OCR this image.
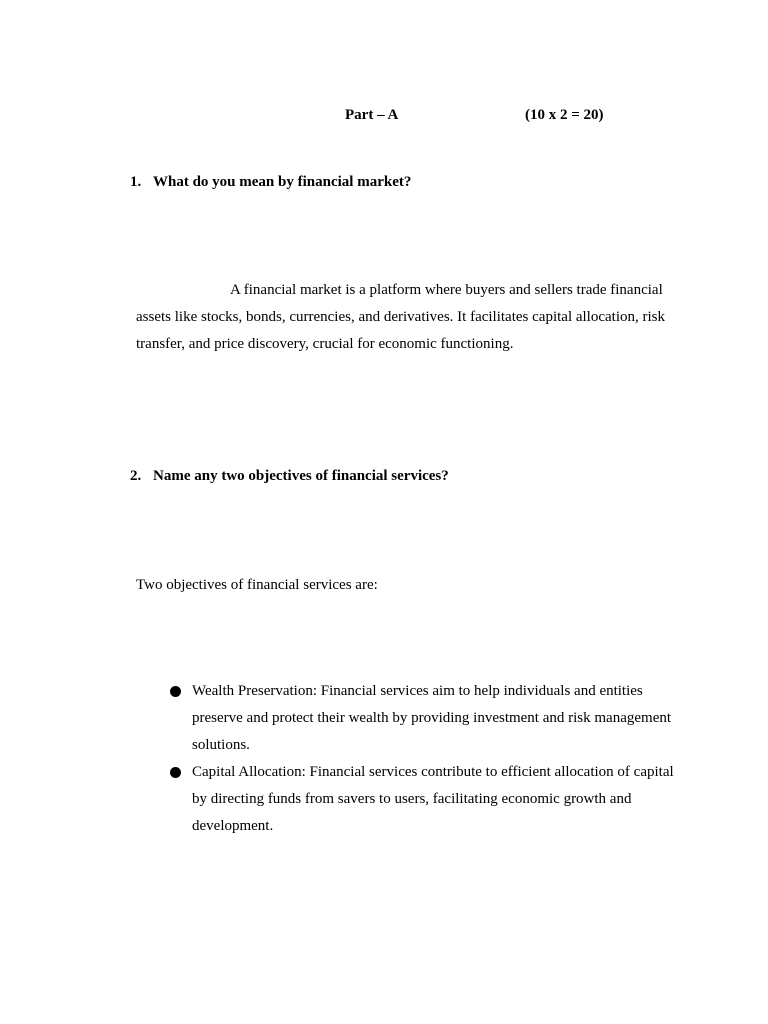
Part – A	(10 x 2 = 20)
1. What do you mean by financial market?
A financial market is a platform where buyers and sellers trade financial assets like stocks, bonds, currencies, and derivatives. It facilitates capital allocation, risk transfer, and price discovery, crucial for economic functioning.
2. Name any two objectives of financial services?
Two objectives of financial services are:
Wealth Preservation: Financial services aim to help individuals and entities preserve and protect their wealth by providing investment and risk management solutions.
Capital Allocation: Financial services contribute to efficient allocation of capital by directing funds from savers to users, facilitating economic growth and development.
